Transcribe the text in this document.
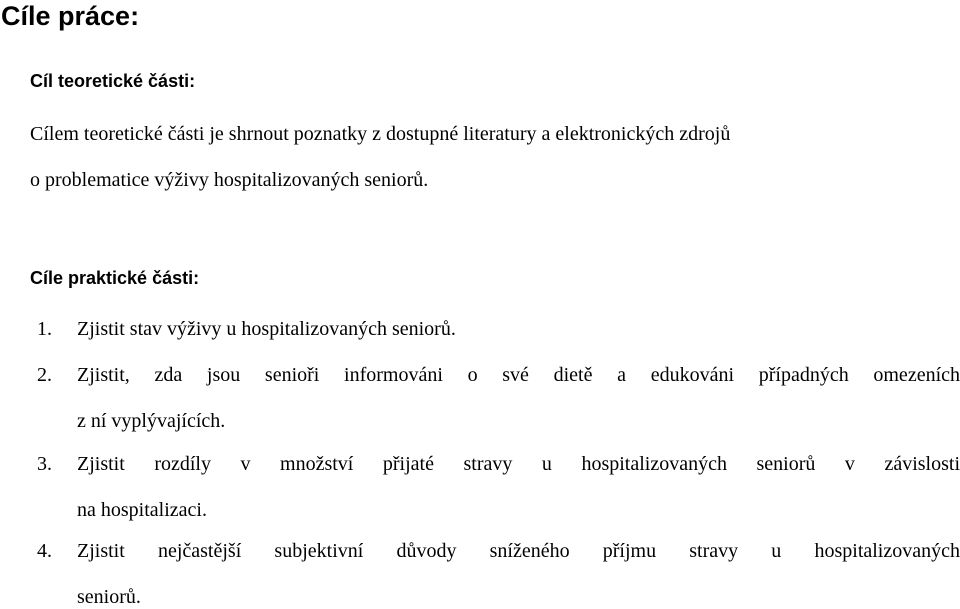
Cíle práce:
Cíl teoretické části:

Cílem teoretické části je shrnout poznatky z dostupné literatury a elektronických zdrojů

o problematice výživy hospitalizovaných seniorů.

Cíle praktické části:
1. Zjistit stav výživy u hospitalizovaných seniorů.
2. Zjistit, zda jsou senioři informováni o své dietě a edukováni případných omezeních
z ní vyplývajících.
3. Zjistit rozdíly v množství přijaté stravy u hospitalizovaných seniorů v závislosti
na hospitalizaci.
4. Zjistit nejčastější subjektivní důvody sníženého příjmu stravy u hospitalizovaných
seniorů.
